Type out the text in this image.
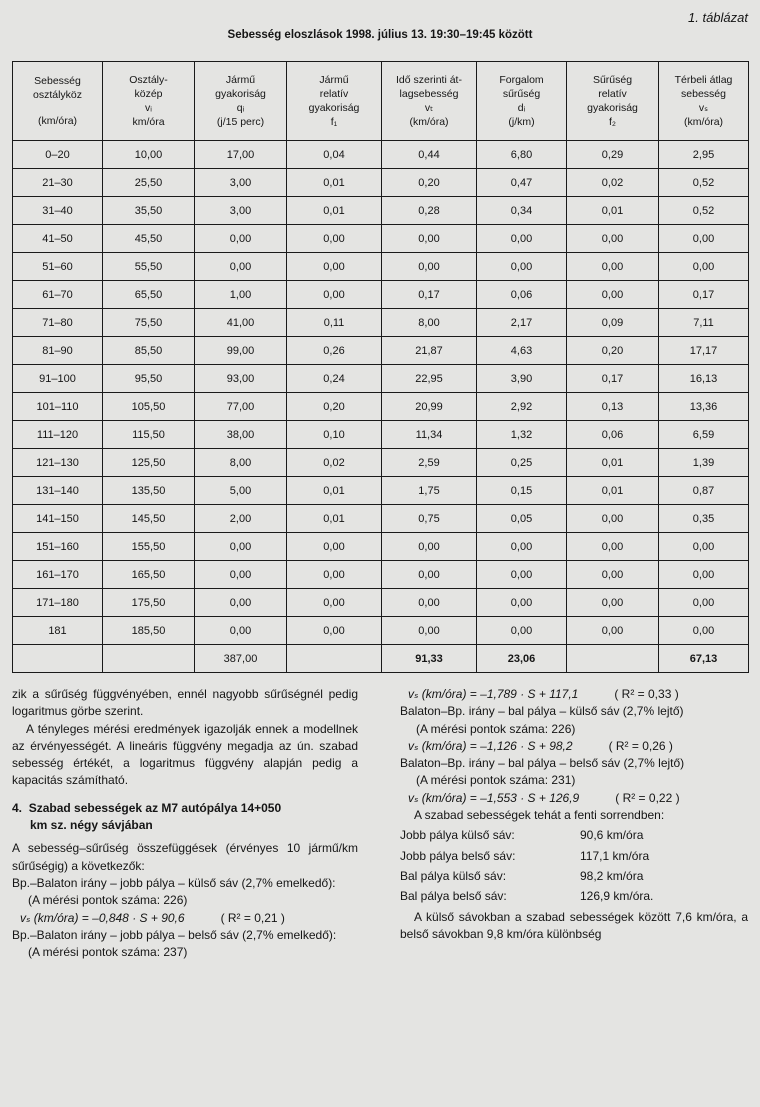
1. táblázat
Sebesség eloszlások 1998. július 13. 19:30–19:45 között
Sebesség
osztályköz
(km/óra)	Osztály-
közép
vᵢ
km/óra	Jármű
gyakoriság
qᵢ
(j/15 perc)	Jármű
relatív
gyakoriság
f₁	Idő szerinti át-
lagsebesség
vₜ
(km/óra)	Forgalom
sűrűség
dᵢ
(j/km)	Sűrűség
relatív
gyakoriság
f₂	Térbeli átlag
sebesség
vₛ
(km/óra)

0–20	10,00	17,00	0,04	0,44	6,80	0,29	2,95
21–30	25,50	3,00	0,01	0,20	0,47	0,02	0,52
31–40	35,50	3,00	0,01	0,28	0,34	0,01	0,52
41–50	45,50	0,00	0,00	0,00	0,00	0,00	0,00
51–60	55,50	0,00	0,00	0,00	0,00	0,00	0,00
61–70	65,50	1,00	0,00	0,17	0,06	0,00	0,17
71–80	75,50	41,00	0,11	8,00	2,17	0,09	7,11
81–90	85,50	99,00	0,26	21,87	4,63	0,20	17,17
91–100	95,50	93,00	0,24	22,95	3,90	0,17	16,13
101–110	105,50	77,00	0,20	20,99	2,92	0,13	13,36
111–120	115,50	38,00	0,10	11,34	1,32	0,06	6,59
121–130	125,50	8,00	0,02	2,59	0,25	0,01	1,39
131–140	135,50	5,00	0,01	1,75	0,15	0,01	0,87
141–150	145,50	2,00	0,01	0,75	0,05	0,00	0,35
151–160	155,50	0,00	0,00	0,00	0,00	0,00	0,00
161–170	165,50	0,00	0,00	0,00	0,00	0,00	0,00
171–180	175,50	0,00	0,00	0,00	0,00	0,00	0,00
181	185,50	0,00	0,00	0,00	0,00	0,00	0,00
		387,00		91,33	23,06		67,13

zik a sűrűség függvényében, ennél nagyobb sűrűségnél pedig logaritmus görbe szerint.

A tényleges mérési eredmények igazolják ennek a modellnek az érvényességét. A lineáris függvény megadja az ún. szabad sebesség értékét, a logaritmus függvény alapján pedig a kapacitás számítható.

4. Szabad sebességek az M7 autópálya 14+050
km sz. négy sávjában

A sebesség–sűrűség összefüggések (érvényes 10 jármű/km sűrűségig) a következők:

Bp.–Balaton irány – jobb pálya – külső sáv (2,7% emelkedő):

(A mérési pontok száma: 226)
vₛ (km/óra) = –0,848 · S + 90,6	( R² = 0,21 )

Bp.–Balaton irány – jobb pálya – belső sáv (2,7% emelkedő):

(A mérési pontok száma: 237)
vₛ (km/óra) = –1,789 · S + 117,1	( R² = 0,33 )

Balaton–Bp. irány – bal pálya – külső sáv (2,7% lejtő)

(A mérési pontok száma: 226)
vₛ (km/óra) = –1,126 · S + 98,2	( R² = 0,26 )

Balaton–Bp. irány – bal pálya – belső sáv (2,7% lejtő)

(A mérési pontok száma: 231)
vₛ (km/óra) = –1,553 · S + 126,9	( R² = 0,22 )

A szabad sebességek tehát a fenti sorrendben:

Jobb pálya külső sáv:	90,6 km/óra
Jobb pálya belső sáv:	117,1 km/óra
Bal pálya külső sáv:	98,2 km/óra
Bal pálya belső sáv:	126,9 km/óra.

A külső sávokban a szabad sebességek között 7,6 km/óra, a belső sávokban 9,8 km/óra különbség
